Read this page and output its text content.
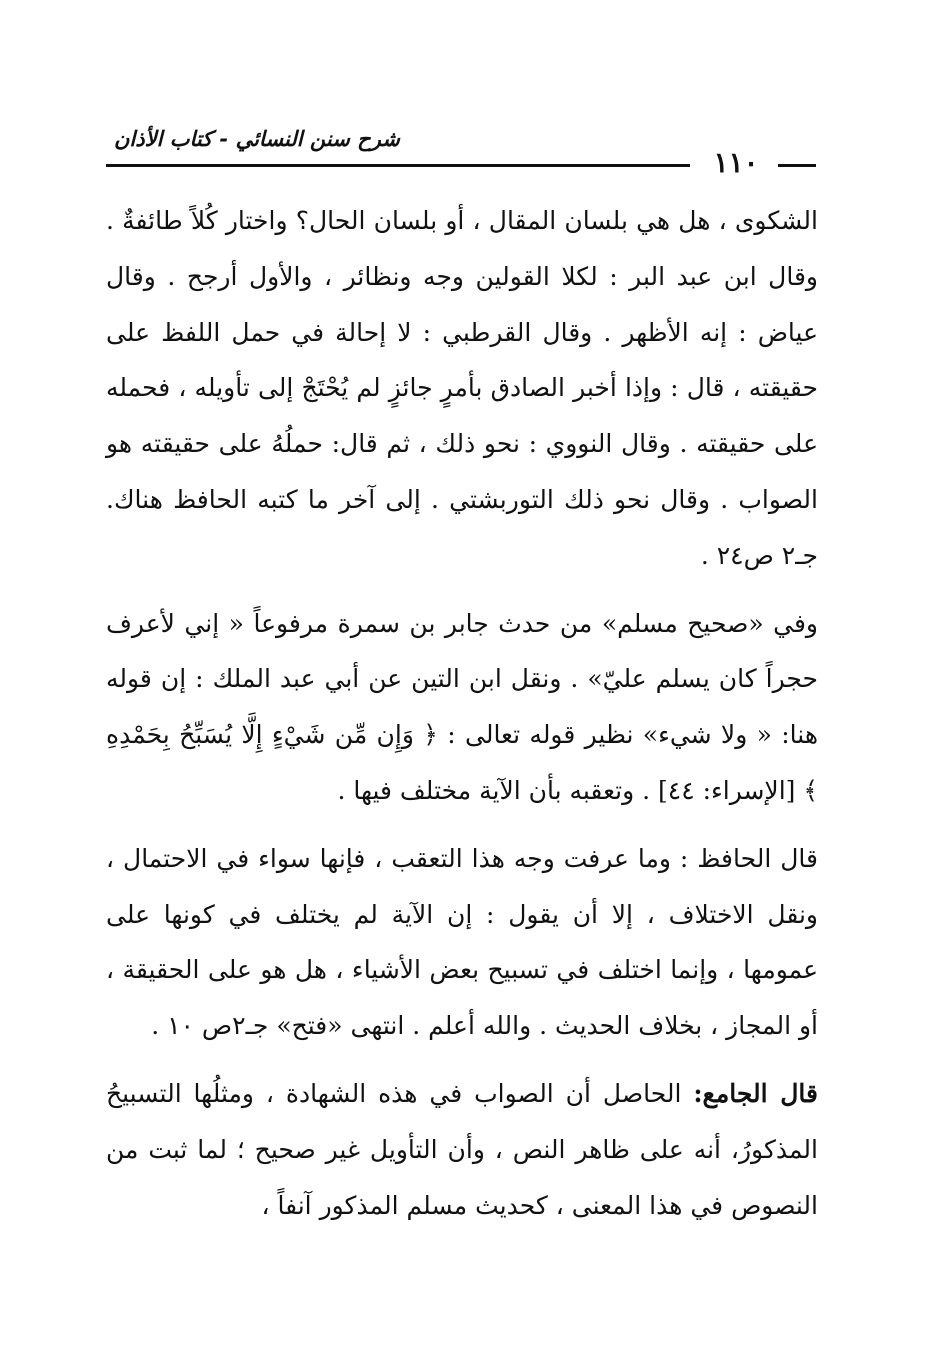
شرح سنن النسائي - كتاب الأذان
١١٠

الشكوى ، هل هي بلسان المقال ، أو بلسان الحال؟ واختار كُلاً طائفةٌ . وقال ابن عبد البر : لكلا القولين وجه ونظائر ، والأول أرجح . وقال عياض : إنه الأظهر . وقال القرطبي : لا إحالة في حمل اللفظ على حقيقته ، قال : وإذا أخبر الصادق بأمرٍ جائزٍ لم يُحْتَجْ إلى تأويله ، فحمله على حقيقته . وقال النووي : نحو ذلك ، ثم قال: حملُهُ على حقيقته هو الصواب . وقال نحو ذلك التوربشتي . إلى آخر ما كتبه الحافظ هناك. جـ٢ ص٢٤ .

وفي «صحيح مسلم» من حدث جابر بن سمرة مرفوعاً « إني لأعرف حجراً كان يسلم عليّ» . ونقل ابن التين عن أبي عبد الملك : إن قوله هنا: « ولا شيء» نظير قوله تعالى : ﴿ وَإِن مِّن شَيْءٍ إِلَّا يُسَبِّحُ بِحَمْدِهِ ﴾ [الإسراء: ٤٤] . وتعقبه بأن الآية مختلف فيها .

قال الحافظ : وما عرفت وجه هذا التعقب ، فإنها سواء في الاحتمال ، ونقل الاختلاف ، إلا أن يقول : إن الآية لم يختلف في كونها على عمومها ، وإنما اختلف في تسبيح بعض الأشياء ، هل هو على الحقيقة ، أو المجاز ، بخلاف الحديث . والله أعلم . انتهى «فتح» جـ٢ص ١٠ .

قال الجامع: الحاصل أن الصواب في هذه الشهادة ، ومثلُها التسبيحُ المذكورُ، أنه على ظاهر النص ، وأن التأويل غير صحيح ؛ لما ثبت من النصوص في هذا المعنى ، كحديث مسلم المذكور آنفاً ،
